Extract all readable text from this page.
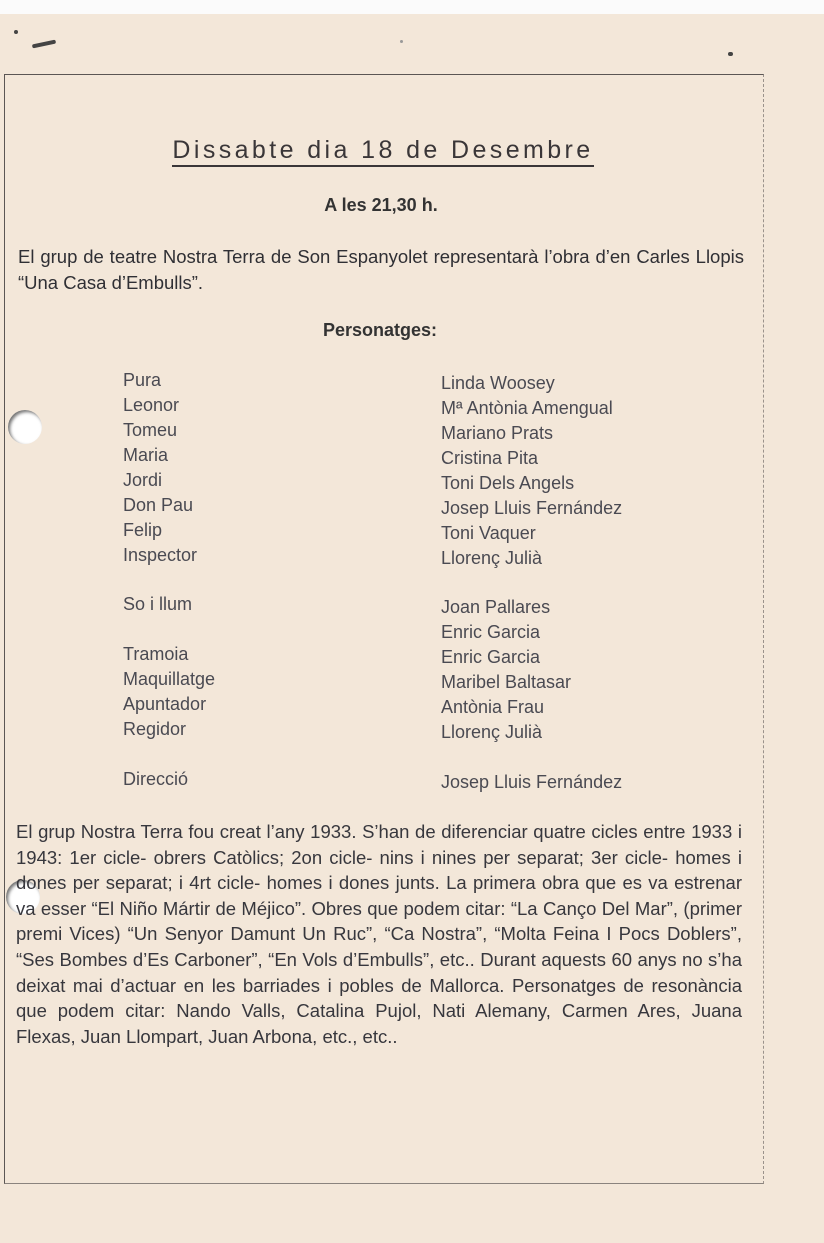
Dissabte dia 18 de Desembre
A les 21,30 h.
El grup de teatre Nostra Terra de Son Espanyolet representarà l’obra d’en Carles Llopis “Una Casa d’Embulls”.
Personatges:
Pura	Linda Woosey
Leonor	Mª Antònia Amengual
Tomeu	Mariano Prats
Maria	Cristina Pita
Jordi	Toni Dels Angels
Don Pau	Josep Lluis Fernández
Felip	Toni Vaquer
Inspector	Llorenç Julià
So i llum	Joan Pallares
Enric Garcia
Tramoia	Enric Garcia
Maquillatge	Maribel Baltasar
Apuntador	Antònia Frau
Regidor	Llorenç Julià
Direcció	Josep Lluis Fernández
El grup Nostra Terra fou creat l’any 1933. S’han de diferenciar quatre cicles entre 1933 i 1943: 1er cicle- obrers Catòlics; 2on cicle- nins i nines per separat; 3er cicle- homes i dones per separat; i 4rt cicle- homes i dones junts. La primera obra que es va estrenar va esser “El Niño Mártir de Méjico”. Obres que podem citar: “La Canço Del Mar”, (primer premi Vices) “Un Senyor Damunt Un Ruc”, “Ca Nostra”, “Molta Feina I Pocs Doblers”, “Ses Bombes d’Es Carboner”, “En Vols d’Embulls”, etc.. Durant aquests 60 anys no s’ha deixat mai d’actuar en les barriades i pobles de Mallorca. Personatges de resonància que podem citar: Nando Valls, Catalina Pujol, Nati Alemany, Carmen Ares, Juana Flexas, Juan Llompart, Juan Arbona, etc., etc..
